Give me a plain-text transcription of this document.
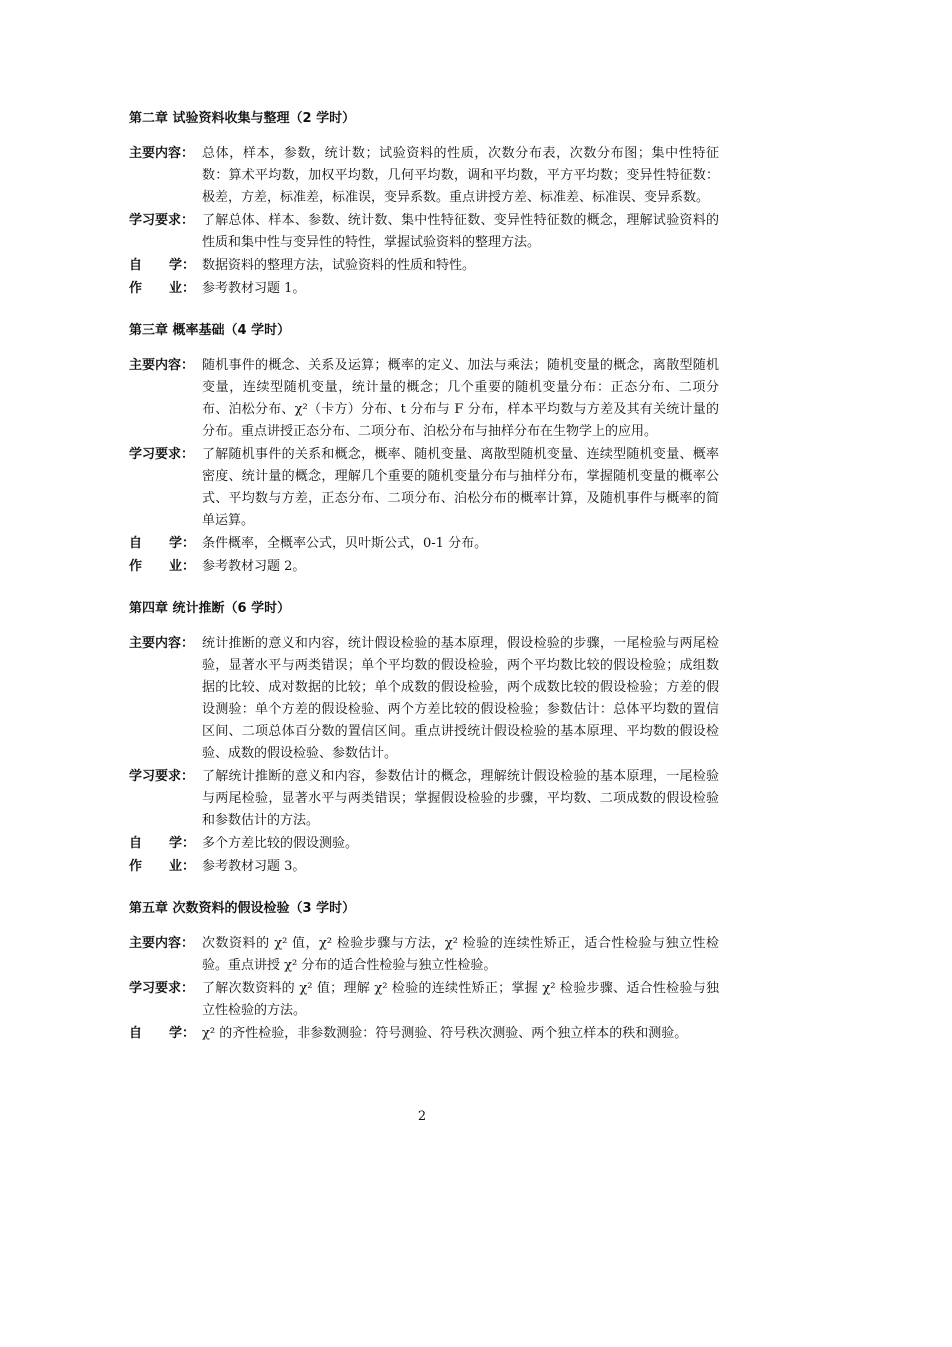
第二章 试验资料收集与整理（2 学时）
主要内容： 总体，样本，参数，统计数；试验资料的性质，次数分布表，次数分布图；集中性特征数：算术平均数，加权平均数，几何平均数，调和平均数，平方平均数；变异性特征数：极差，方差，标准差，标准误，变异系数。重点讲授方差、标准差、标准误、变异系数。
学习要求： 了解总体、样本、参数、统计数、集中性特征数、变异性特征数的概念，理解试验资料的性质和集中性与变异性的特性，掌握试验资料的整理方法。
自 学： 数据资料的整理方法，试验资料的性质和特性。
作 业： 参考教材习题 1。
第三章 概率基础（4 学时）
主要内容： 随机事件的概念、关系及运算；概率的定义、加法与乘法；随机变量的概念，离散型随机变量，连续型随机变量，统计量的概念；几个重要的随机变量分布：正态分布、二项分布、泊松分布、χ²（卡方）分布、t 分布与 F 分布，样本平均数与方差及其有关统计量的分布。重点讲授正态分布、二项分布、泊松分布与抽样分布在生物学上的应用。
学习要求： 了解随机事件的关系和概念，概率、随机变量、离散型随机变量、连续型随机变量、概率密度、统计量的概念，理解几个重要的随机变量分布与抽样分布，掌握随机变量的概率公式、平均数与方差，正态分布、二项分布、泊松分布的概率计算，及随机事件与概率的简单运算。
自 学： 条件概率，全概率公式，贝叶斯公式，0-1 分布。
作 业： 参考教材习题 2。
第四章 统计推断（6 学时）
主要内容： 统计推断的意义和内容，统计假设检验的基本原理，假设检验的步骤，一尾检验与两尾检验，显著水平与两类错误；单个平均数的假设检验，两个平均数比较的假设检验；成组数据的比较、成对数据的比较；单个成数的假设检验，两个成数比较的假设检验；方差的假设测验：单个方差的假设检验、两个方差比较的假设检验；参数估计：总体平均数的置信区间、二项总体百分数的置信区间。重点讲授统计假设检验的基本原理、平均数的假设检验、成数的假设检验、参数估计。
学习要求： 了解统计推断的意义和内容，参数估计的概念，理解统计假设检验的基本原理，一尾检验与两尾检验，显著水平与两类错误；掌握假设检验的步骤，平均数、二项成数的假设检验和参数估计的方法。
自 学： 多个方差比较的假设测验。
作 业： 参考教材习题 3。
第五章 次数资料的假设检验（3 学时）
主要内容： 次数资料的 χ² 值，χ² 检验步骤与方法，χ² 检验的连续性矫正，适合性检验与独立性检验。重点讲授 χ² 分布的适合性检验与独立性检验。
学习要求： 了解次数资料的 χ² 值；理解 χ² 检验的连续性矫正；掌握 χ² 检验步骤、适合性检验与独立性检验的方法。
自 学： χ² 的齐性检验，非参数测验：符号测验、符号秩次测验、两个独立样本的秩和测验。
2
